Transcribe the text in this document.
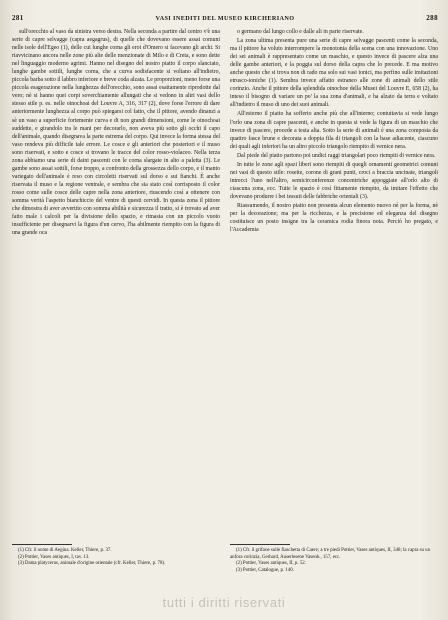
281	VASI INEDITI DEL MUSEO KIRCHERIANO	288

sull'orecchio al vaso da sinistra verso destra. Nella seconda a partire dal centro v'è una serie di capre selvagge (capra aegagrus), di quelle che dovevano essere assai comuni nelle isole dell'Egeo (1), delle cui lunghe corna gli eroi d'Omero si facevano gli archi. Si riavvicinano ancora nelle zone più alte delle menzionate di Milo e di Creta, e sono dette nel linguaggio moderno agrimi. Hanno nel disegno del nostro piatto il corpo slanciato, lunghe gambe sottili, lunghe corna, che a curva sodisfacente si voltano all'indietro, piccola barba sotto il labbro inferiore e breve coda alzata. Le proporzioni, meno forse una piccola esagerazione nella lunghezza dell'orecchio, sono assai esattamente riprodotte dal vero; nè si hanno quei corpi soverchiamente allungati che si vedono in altri vasi dello stesso stile p. es. nelle oinochoai del Louvre A, 316, 317 (2), dove forse l'errore di dare anteriormente lunghezza al corpo può spiegarsi col fatto, che il pittore, avendo dinanzi a sè un vaso a superficie fortemente curva e di non grandi dimensioni, come le oinochoai suddette, e girandolo tra le mani per decorarlo, non aveva più sotto gli occhi il capo dell'animale, quando disegnava la parte estrema del corpo. Qui invece la forma stessa del vaso rendeva più difficile tale errore. Le cosce e gli anteriori che posteriori e il muso sono riservati, e sotto e cosce si trovano le tracce del color rosso-violaceo. Nella terza zona abbiamo una serie di daini pascenti con le corna slargate in alto a paletta (3). Le gambe sono assai sottili, forse troppo, a confronto della grossezza dello corpo, e il manto variegato dell'animale è reso con circoletti riservati sul dorso e sui fianchi. È anche riservata il muso e la regione ventrale, e sembra che sia stato così corrisposto il color rosso come sulle cosce delle capre nella zona anteriore, riuscendo così a ottenere con somma verità l'aspetto bianchiccio del ventre di questi cervidi. In questa zona il pittore che dimostra di aver avvertito con somma abilità e sicurezza il tratto, si è trovato ad aver fatto male i calcoli per la divisione dello spazio, e rimasta con un piccolo vuoto insufficiente per disegnarvi la figura d'un cervo, l'ha abilmente riempito con la figura di una grande oca

o germano dal lungo collo e dalle ali in parte riservate.

La zona ultima presenta pure una serie di capre selvagge pascenti come la seconda, ma il pittore ha voluto interrompere la monotonia della scena con una innovazione. Uno dei sei animali è rappresentato come un maschio, e questo invece di pascere alza una delle gambe anteriori, e la poggia sul dorso della capra che lo precede. E ma motivo anche questo che si trova non di rado ma solo sui vasi ionici, ma perfino sulle imitazioni etrusco-ioniche (1). Sembra invece affatto estraneo alle zone di animali dello stile corinzio. Anche il pittore della splendida oinochoe della Musei del Louvre E, 658 (2), ha inteso il bisogno di variare un po' la sua zona d'animali, e ha alzato da terra e voltato all'indietro il muso di uno dei suoi animali.

All'esterno il piatto ha sofferto anche più che all'interno; contuttavia si vede lungo l'orlo una zona di capre pascenti, e anche in questa si vede la figura di un maschio che invece di pascere, procede a testa alta. Sotto la serie di animali è una zona composta da quattro fasce brune e decorata a doppia fila di triangoli con la base adiacente, ciascuno dei quali agli inferiori ha un altro piccolo triangolo riempito di vernice nera.

Dal piede del piatto partono poi undici raggi triangolari poco riempiti di vernice nera.

In tutte le zone agli spazi liberi sono riempiti di quegli ornamenti geometrici comuni nei vasi di questo stile: rosette, corone di grani punti, croci a braccia uncinate, triangoli intrecci l'uno nell'altro, semicirconferenze concentriche appoggiate all'orlo alto di ciascuna zona, ecc. Tutte le spazio è così fittamente riempito, da imitare l'effetto che dovevano produrre i bei tessuti delle fabbriche orientali (3).

Riassumendo, il nostro piatto non presenta alcun elemento nuovo nè per la forma, nè per la decorazione; ma per la ricchezza, e la precisione ed eleganza del disegno costituisce un posto insigne tra la ceramica rodia finora nota. Perciò ho pregato, e l'Accademia

(1) Cfr. il nome di Aegina. Keller, Thiere, p. 37.
(2) Pottier, Vases antiques, I, tav. 13.
(3) Dama platycerus, animale d'origine orientale (cfr. Keller, Thiere, p. 78).
(1) Cfr. il grifone sulle fiaschetta di Caere; a tre piedi Pottier, Vases antiques, II, 348; la capra su un anfora corinzia, Gerhard, Auserlesene Vasenb., 157, ecc.
(2) Pottier, Vases antiques, II, p. 52.
(3) Pottier, Catalogue, p. 140.
tutti i diritti riservati
